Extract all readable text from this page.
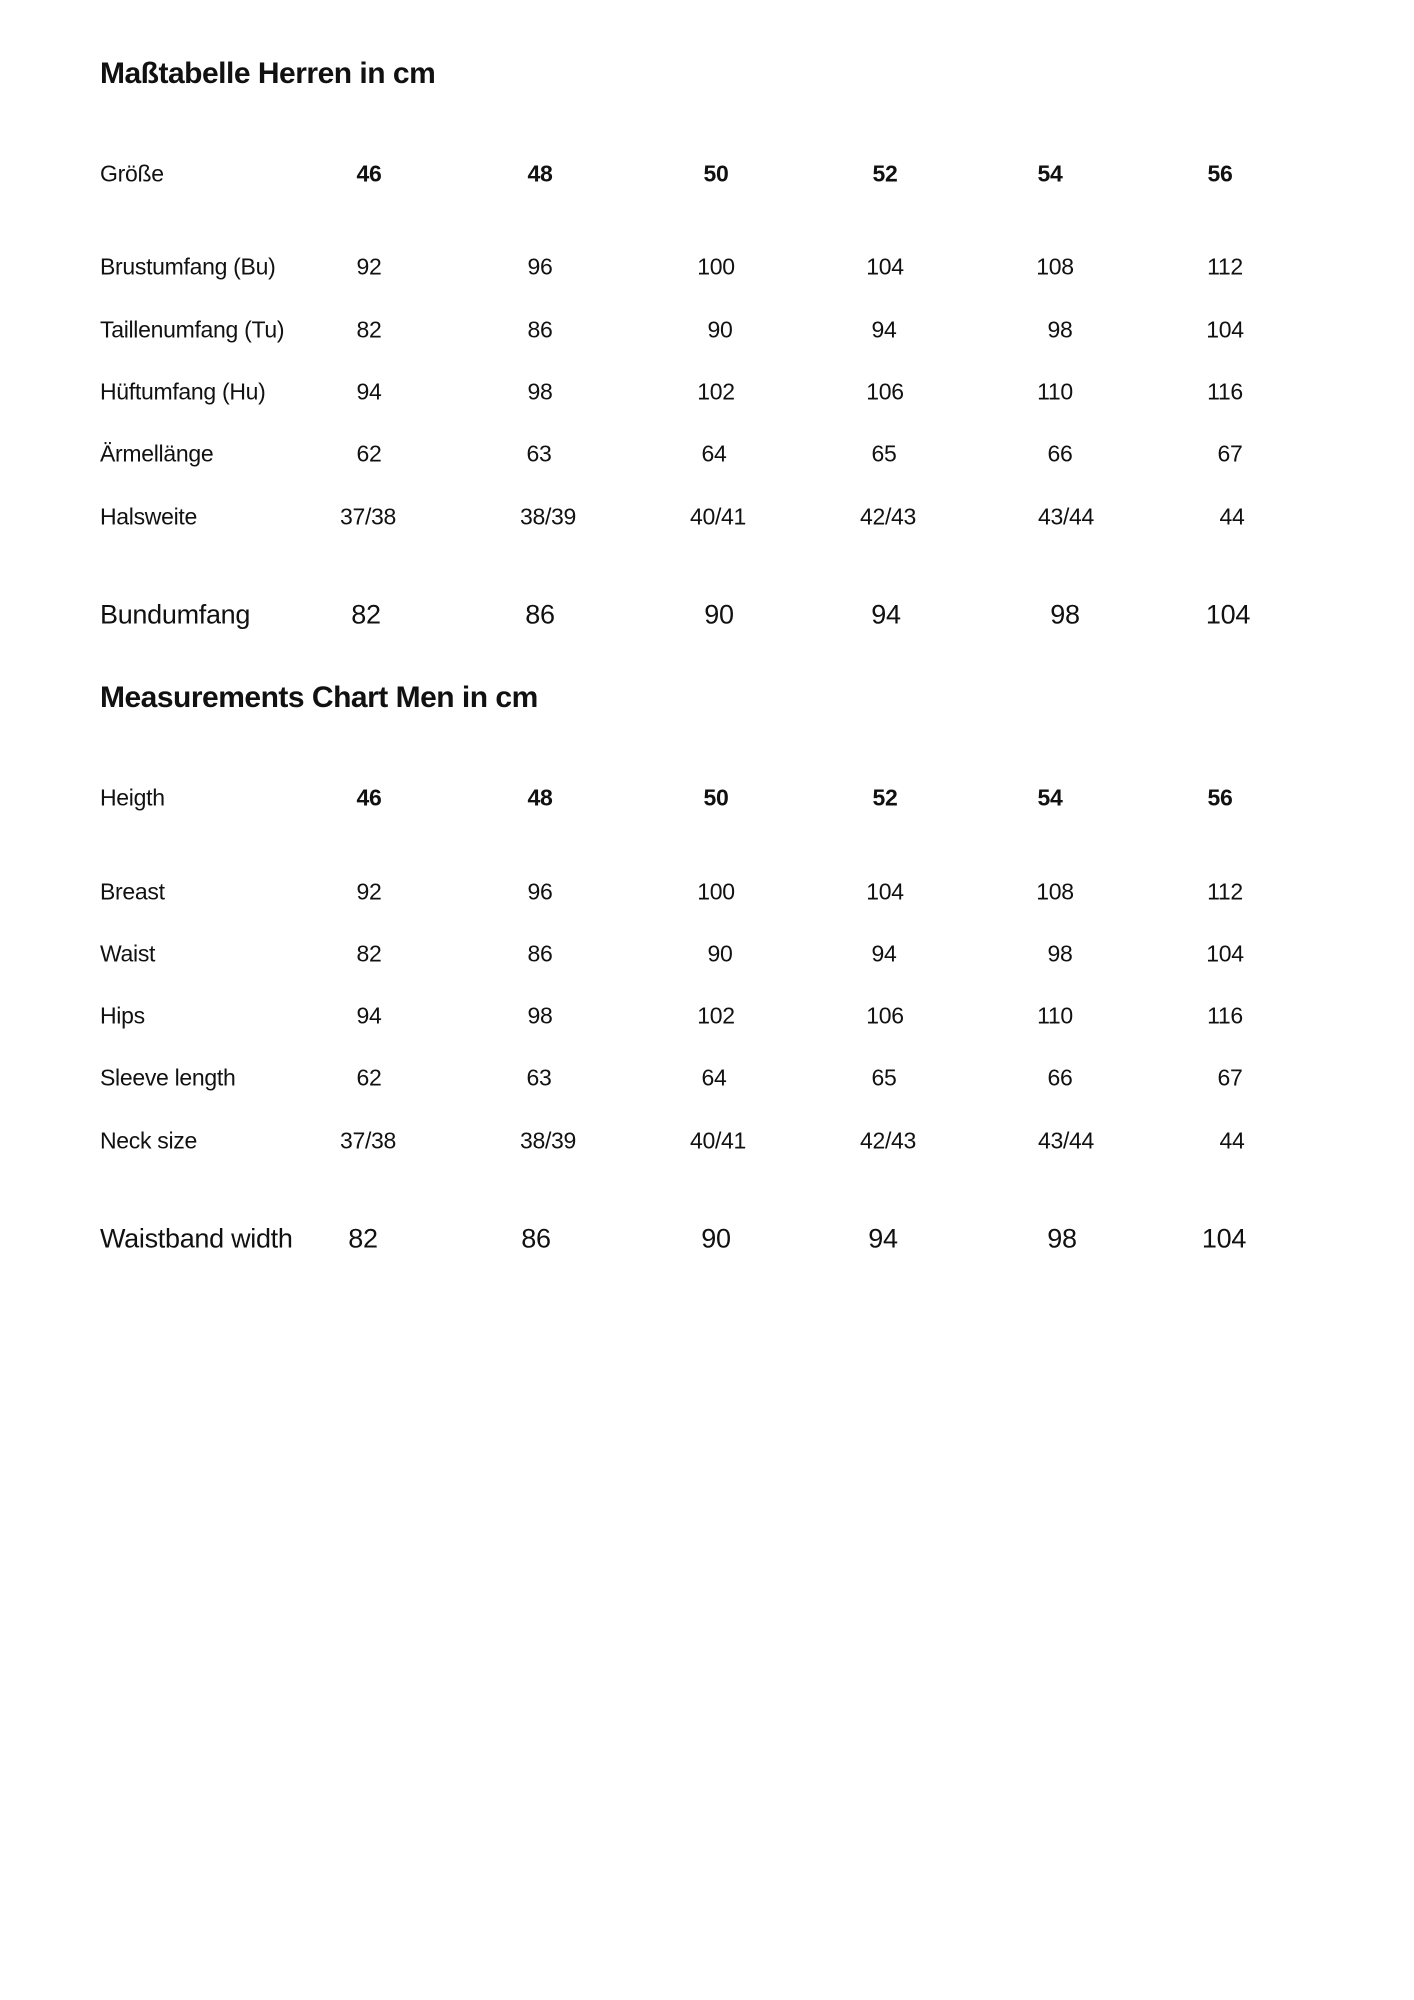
Maßtabelle Herren in cm
Größe	46	48	50	52	54	56
Brustumfang (Bu)	92	96	100	104	108	112
Taillenumfang (Tu)	82	86	90	94	98	104
Hüftumfang (Hu)	94	98	102	106	110	116
Ärmellänge	62	63	64	65	66	67
Halsweite	37/38	38/39	40/41	42/43	43/44	44
Bundumfang	82	86	90	94	98	104
Measurements Chart Men in cm
Heigth	46	48	50	52	54	56
Breast	92	96	100	104	108	112
Waist	82	86	90	94	98	104
Hips	94	98	102	106	110	116
Sleeve length	62	63	64	65	66	67
Neck size	37/38	38/39	40/41	42/43	43/44	44
Waistband width 82	86	90	94	98	104
